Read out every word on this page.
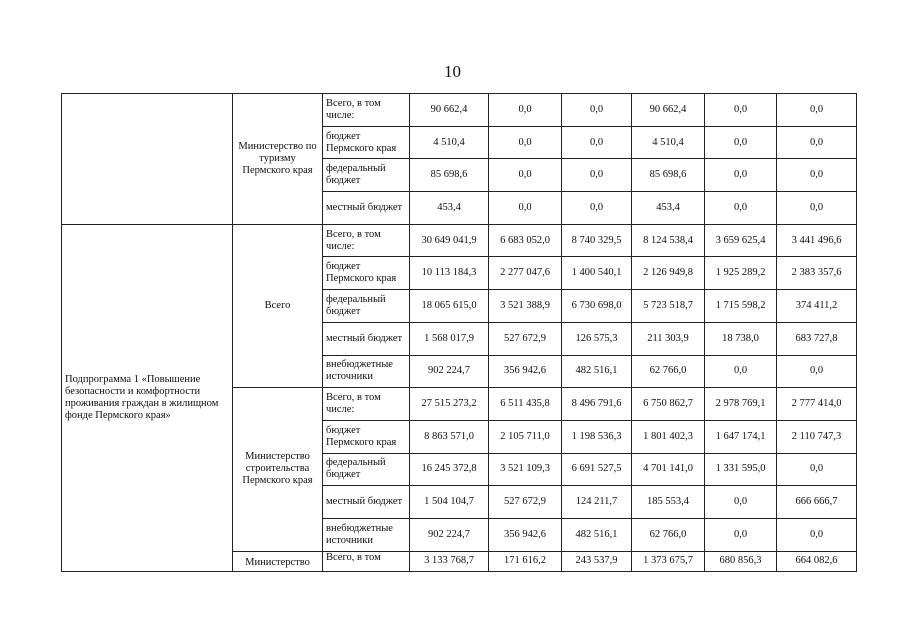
10
	Министерство по туризму Пермского края	Всего, в том числе:	90 662,4	0,0	0,0	90 662,4	0,0	0,0
		бюджет Пермского края	4 510,4	0,0	0,0	4 510,4	0,0	0,0
		федеральный бюджет	85 698,6	0,0	0,0	85 698,6	0,0	0,0
		местный бюджет	453,4	0,0	0,0	453,4	0,0	0,0
Подпрограмма 1 «Повышение безопасности и комфортности проживания граждан в жилищном фонде Пермского края»	Всего	Всего, в том числе:	30 649 041,9	6 683 052,0	8 740 329,5	8 124 538,4	3 659 625,4	3 441 496,6
		бюджет Пермского края	10 113 184,3	2 277 047,6	1 400 540,1	2 126 949,8	1 925 289,2	2 383 357,6
		федеральный бюджет	18 065 615,0	3 521 388,9	6 730 698,0	5 723 518,7	1 715 598,2	374 411,2
		местный бюджет	1 568 017,9	527 672,9	126 575,3	211 303,9	18 738,0	683 727,8
		внебюджетные источники	902 224,7	356 942,6	482 516,1	62 766,0	0,0	0,0
	Министерство строительства Пермского края	Всего, в том числе:	27 515 273,2	6 511 435,8	8 496 791,6	6 750 862,7	2 978 769,1	2 777 414,0
		бюджет Пермского края	8 863 571,0	2 105 711,0	1 198 536,3	1 801 402,3	1 647 174,1	2 110 747,3
		федеральный бюджет	16 245 372,8	3 521 109,3	6 691 527,5	4 701 141,0	1 331 595,0	0,0
		местный бюджет	1 504 104,7	527 672,9	124 211,7	185 553,4	0,0	666 666,7
		внебюджетные источники	902 224,7	356 942,6	482 516,1	62 766,0	0,0	0,0
	Министерство	Всего, в том	3 133 768,7	171 616,2	243 537,9	1 373 675,7	680 856,3	664 082,6
